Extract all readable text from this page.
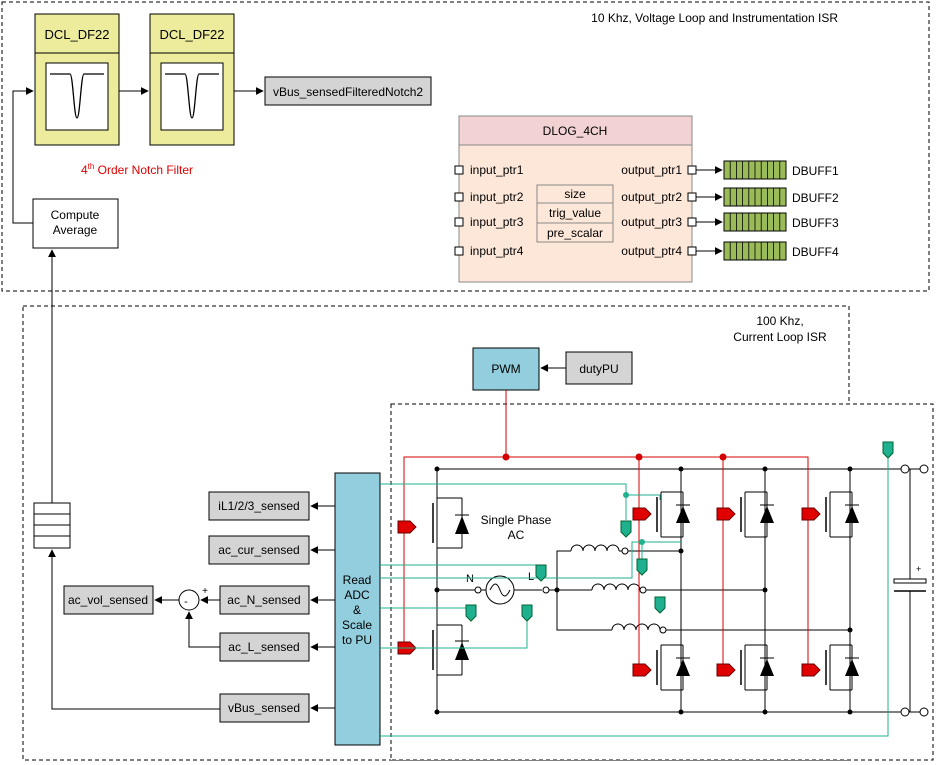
10 Khz, Voltage Loop and Instrumentation ISR
DCL_DF22	DCL_DF22
vBus_sensedFilteredNotch2
4th Order Notch Filter
Compute
Average
DLOG_4CH
size
trig_value
pre_scalar
input_ptr1
input_ptr2
input_ptr3
input_ptr4
output_ptr1
output_ptr2
output_ptr3
output_ptr4
DBUFF1
DBUFF2
DBUFF3
DBUFF4
100 Khz,
Current Loop ISR
PWM	dutyPU
Read
ADC
&
Scale
to PU
iL1/2/3_sensed
ac_cur_sensed
ac_N_sensed
ac_L_sensed
vBus_sensed
-
+
ac_vol_sensed
+
Single Phase
AC
N	L
